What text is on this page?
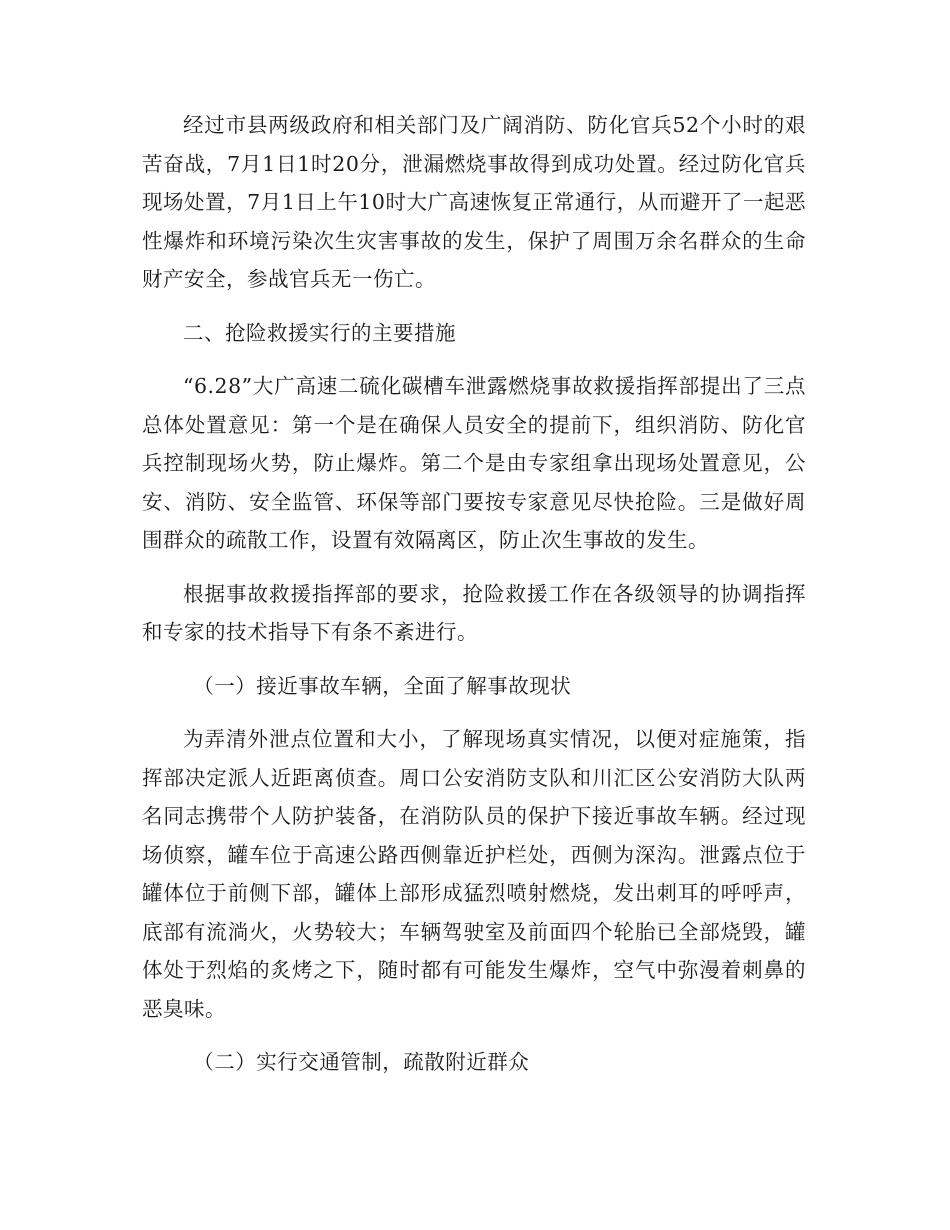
经过市县两级政府和相关部门及广阔消防、防化官兵52个小时的艰苦奋战，7月1日1时20分，泄漏燃烧事故得到成功处置。经过防化官兵现场处置，7月1日上午10时大广高速恢复正常通行，从而避开了一起恶性爆炸和环境污染次生灾害事故的发生，保护了周围万余名群众的生命财产安全，参战官兵无一伤亡。

二、抢险救援实行的主要措施

“6.28”大广高速二硫化碳槽车泄露燃烧事故救援指挥部提出了三点总体处置意见：第一个是在确保人员安全的提前下，组织消防、防化官兵控制现场火势，防止爆炸。第二个是由专家组拿出现场处置意见，公安、消防、安全监管、环保等部门要按专家意见尽快抢险。三是做好周围群众的疏散工作，设置有效隔离区，防止次生事故的发生。

根据事故救援指挥部的要求，抢险救援工作在各级领导的协调指挥和专家的技术指导下有条不紊进行。

（一）接近事故车辆，全面了解事故现状

为弄清外泄点位置和大小，了解现场真实情况，以便对症施策，指挥部决定派人近距离侦查。周口公安消防支队和川汇区公安消防大队两名同志携带个人防护装备，在消防队员的保护下接近事故车辆。经过现场侦察，罐车位于高速公路西侧靠近护栏处，西侧为深沟。泄露点位于罐体位于前侧下部，罐体上部形成猛烈喷射燃烧，发出刺耳的呼呼声，底部有流淌火，火势较大；车辆驾驶室及前面四个轮胎已全部烧毁，罐体处于烈焰的炙烤之下，随时都有可能发生爆炸，空气中弥漫着刺鼻的恶臭味。

（二）实行交通管制，疏散附近群众
